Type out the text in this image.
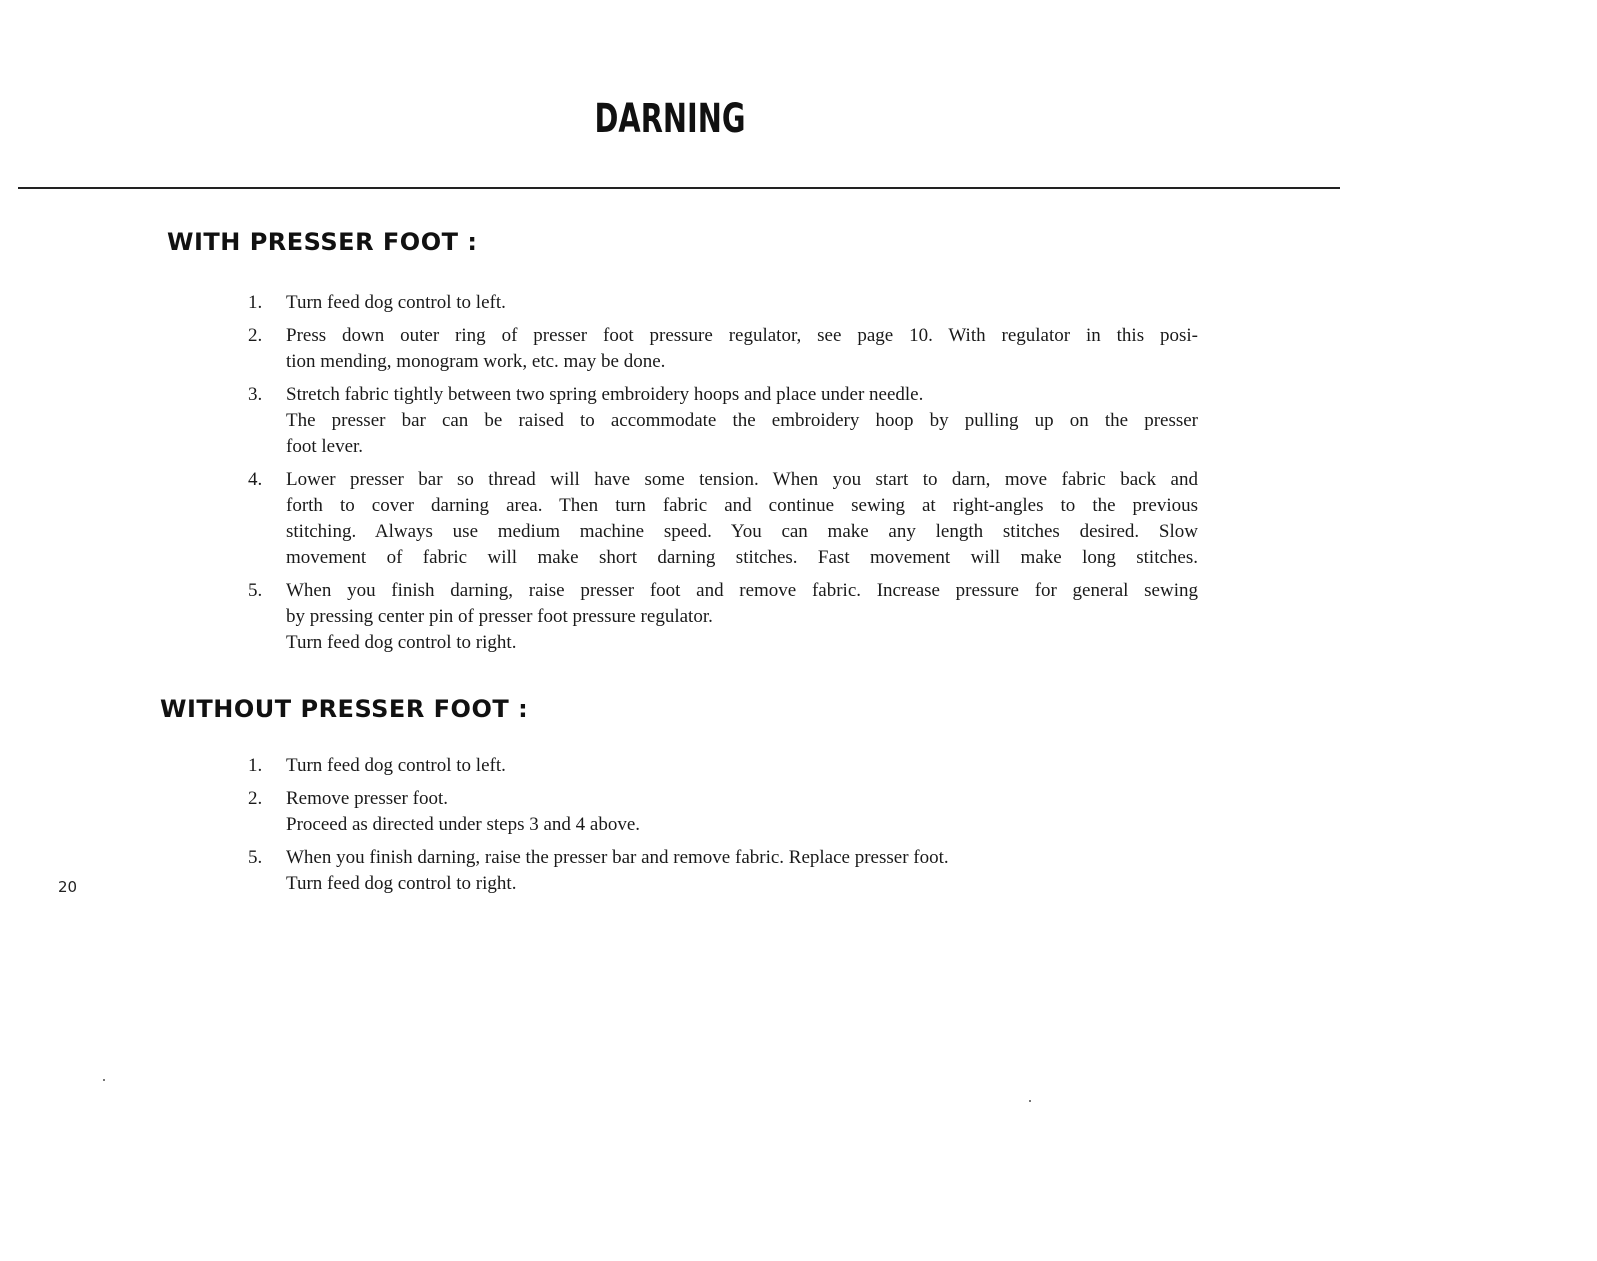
DARNING
WITH PRESSER FOOT :
1. Turn feed dog control to left.
2. Press down outer ring of presser foot pressure regulator, see page 10. With regulator in this posi-
tion mending, monogram work, etc. may be done.
3. Stretch fabric tightly between two spring embroidery hoops and place under needle.
The presser bar can be raised to accommodate the embroidery hoop by pulling up on the presser
foot lever.
4. Lower presser bar so thread will have some tension. When you start to darn, move fabric back and
forth to cover darning area. Then turn fabric and continue sewing at right-angles to the previous
stitching. Always use medium machine speed. You can make any length stitches desired. Slow
movement of fabric will make short darning stitches. Fast movement will make long stitches.
5. When you finish darning, raise presser foot and remove fabric. Increase pressure for general sewing
by pressing center pin of presser foot pressure regulator.
Turn feed dog control to right.
WITHOUT PRESSER FOOT :
1. Turn feed dog control to left.
2. Remove presser foot.
Proceed as directed under steps 3 and 4 above.
5. When you finish darning, raise the presser bar and remove fabric. Replace presser foot.
Turn feed dog control to right.
20
